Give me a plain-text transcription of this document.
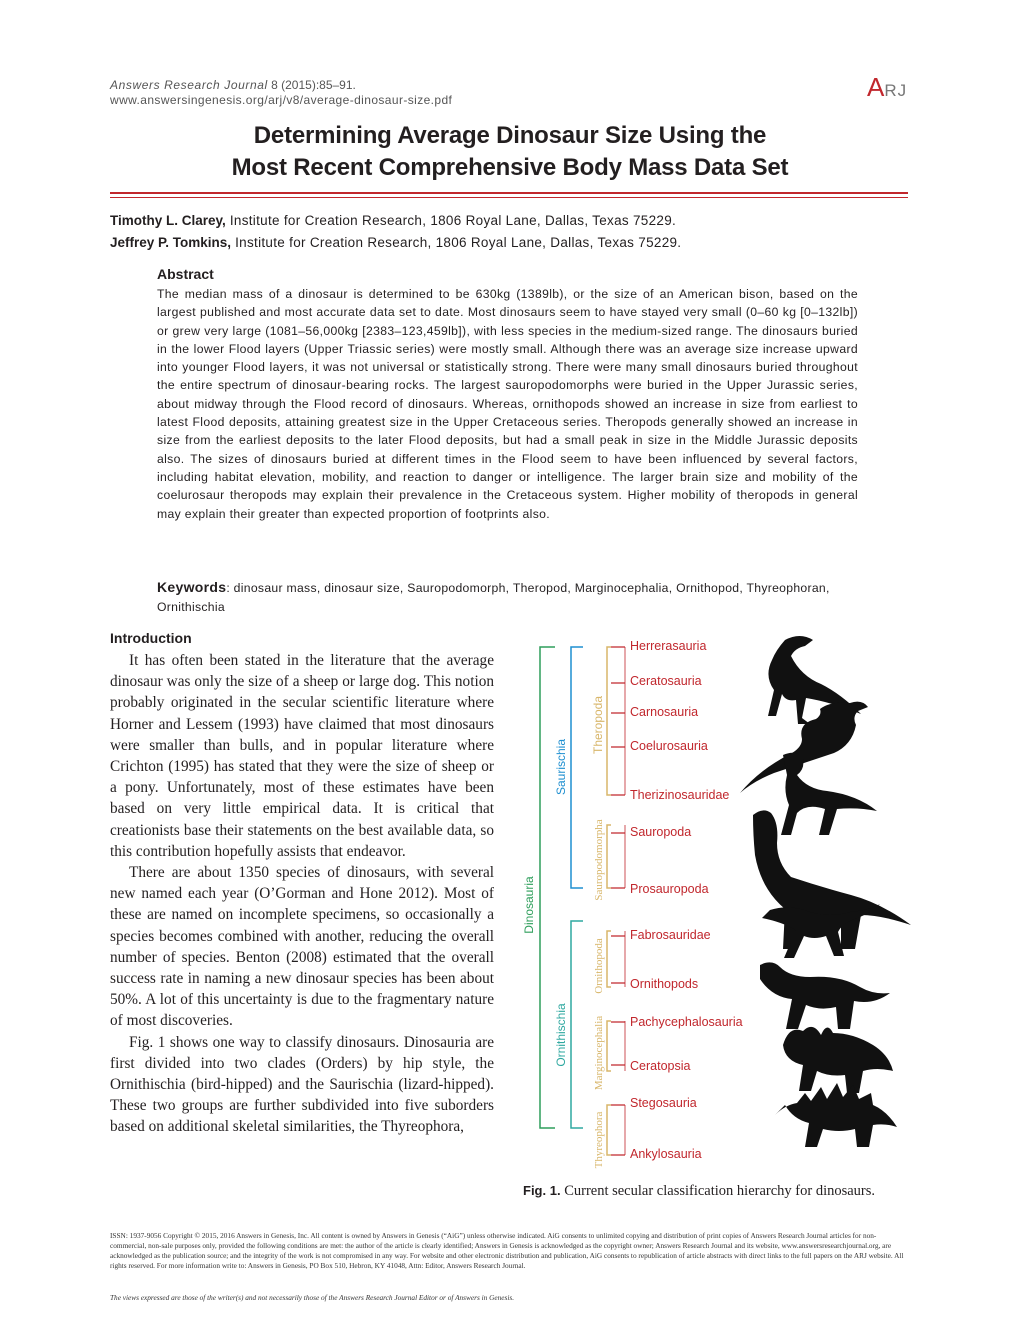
Answers Research Journal 8 (2015):85–91.
www.answersingenesis.org/arj/v8/average-dinosaur-size.pdf	ARJ
Determining Average Dinosaur Size Using the
Most Recent Comprehensive Body Mass Data Set
Timothy L. Clarey, Institute for Creation Research, 1806 Royal Lane, Dallas, Texas 75229.
Jeffrey P. Tomkins, Institute for Creation Research, 1806 Royal Lane, Dallas, Texas 75229.
Abstract
The median mass of a dinosaur is determined to be 630kg (1389lb), or the size of an American bison, based on the largest published and most accurate data set to date. Most dinosaurs seem to have stayed very small (0–60 kg [0–132lb]) or grew very large (1081–56,000kg [2383–123,459lb]), with less species in the medium-sized range. The dinosaurs buried in the lower Flood layers (Upper Triassic series) were mostly small. Although there was an average size increase upward into younger Flood layers, it was not universal or statistically strong. There were many small dinosaurs buried throughout the entire spectrum of dinosaur-bearing rocks. The largest sauropodomorphs were buried in the Upper Jurassic series, about midway through the Flood record of dinosaurs. Whereas, ornithopods showed an increase in size from earliest to latest Flood deposits, attaining greatest size in the Upper Cretaceous series. Theropods generally showed an increase in size from the earliest deposits to the later Flood deposits, but had a small peak in size in the Middle Jurassic deposits also. The sizes of dinosaurs buried at different times in the Flood seem to have been influenced by several factors, including habitat elevation, mobility, and reaction to danger or intelligence. The larger brain size and mobility of the coelurosaur theropods may explain their prevalence in the Cretaceous system. Higher mobility of theropods in general may explain their greater than expected proportion of footprints also.
Keywords: dinosaur mass, dinosaur size, Sauropodomorph, Theropod, Marginocephalia, Ornithopod, Thyreophoran, Ornithischia
Introduction

It has often been stated in the literature that the average dinosaur was only the size of a sheep or large dog. This notion probably originated in the secular scientific literature where Horner and Lessem (1993) have claimed that most dinosaurs were smaller than bulls, and in popular literature where Crichton (1995) has stated that they were the size of sheep or a pony. Unfortunately, most of these estimates have been based on very little empirical data. It is critical that creationists base their statements on the best available data, so this contribution hopefully assists that endeavor.

There are about 1350 species of dinosaurs, with several new named each year (O’Gorman and Hone 2012). Most of these are named on incomplete specimens, so occasionally a species becomes combined with another, reducing the overall number of species. Benton (2008) estimated that the overall success rate in naming a new dinosaur species has been about 50%. A lot of this uncertainty is due to the fragmentary nature of most discoveries.

Fig. 1 shows one way to classify dinosaurs. Dinosauria are first divided into two clades (Orders) by hip style, the Ornithischia (bird-hipped) and the Saurischia (lizard-hipped). These two groups are further subdivided into five suborders based on additional skeletal similarities, the Thyreophora,

Herrerasauria
Ceratosauria
Carnosauria
Coelurosauria
Therizinosauridae
Sauropoda
Prosauropoda
Fabrosauridae
Ornithopods
Pachycephalosauria
Ceratopsia
Stegosauria
Ankylosauria
Dinosauria
Saurischia
Ornithischia
Theropoda
Sauropodomorpha
Ornithopoda
Marginocephalia
Thyreophora
Fig. 1. Current secular classification hierarchy for dinosaurs.
ISSN: 1937-9056 Copyright © 2015, 2016 Answers in Genesis, Inc. All content is owned by Answers in Genesis (“AiG”) unless otherwise indicated. AiG consents to unlimited copying and distribution of print copies of Answers Research Journal articles for non-commercial, non-sale purposes only, provided the following conditions are met: the author of the article is clearly identified; Answers in Genesis is acknowledged as the copyright owner; Answers Research Journal and its website, www.answersresearchjournal.org, are acknowledged as the publication source; and the integrity of the work is not compromised in any way. For website and other electronic distribution and publication, AiG consents to republication of article abstracts with direct links to the full papers on the ARJ website. All rights reserved. For more information write to: Answers in Genesis, PO Box 510, Hebron, KY 41048, Attn: Editor, Answers Research Journal.
The views expressed are those of the writer(s) and not necessarily those of the Answers Research Journal Editor or of Answers in Genesis.
